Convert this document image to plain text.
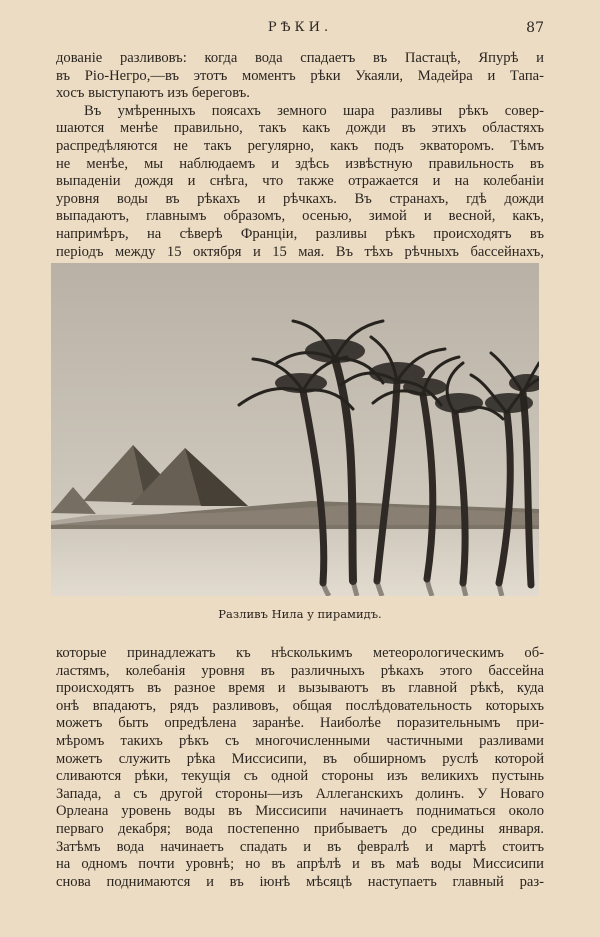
РѢКИ.	87
дованіе разливовъ: когда вода спадаетъ въ Пастацѣ, Япурѣ и
въ Ріо-Негро,—въ этотъ моментъ рѣки Укаяли, Мадейра и Тапа-
хосъ выступаютъ изъ береговъ.
Въ умѣренныхъ поясахъ земного шара разливы рѣкъ совер-
шаются менѣе правильно, такъ какъ дожди въ этихъ областяхъ
распредѣляются не такъ регулярно, какъ подъ экваторомъ. Тѣмъ
не менѣе, мы наблюдаемъ и здѣсь извѣстную правильность въ
выпаденіи дождя и снѣга, что также отражается и на колебаніи
уровня воды въ рѣкахъ и рѣчкахъ. Въ странахъ, гдѣ дожди
выпадаютъ, главнымъ образомъ, осенью, зимой и весной, какъ,
напримѣръ, на сѣверѣ Франціи, разливы рѣкъ происходятъ въ
періодъ между 15 октября и 15 мая. Въ тѣхъ рѣчныхъ бассейнахъ,
Разливъ Нила у пирамидъ.
которые принадлежатъ къ нѣсколькимъ метеорологическимъ об-
ластямъ, колебанія уровня въ различныхъ рѣкахъ этого бассейна
происходятъ въ разное время и вызываютъ въ главной рѣкѣ, куда
онѣ впадаютъ, рядъ разливовъ, общая послѣдовательность которыхъ
можетъ быть опредѣлена заранѣе. Наиболѣе поразительнымъ при-
мѣромъ такихъ рѣкъ съ многочисленными частичными разливами
можетъ служить рѣка Миссисипи, въ обширномъ руслѣ которой
сливаются рѣки, текущія съ одной стороны изъ великихъ пустынь
Запада, а съ другой стороны—изъ Аллеганскихъ долинъ. У Новаго
Орлеана уровень воды въ Миссисипи начинаетъ подниматься около
перваго декабря; вода постепенно прибываетъ до средины января.
Затѣмъ вода начинаетъ спадать и въ февралѣ и мартѣ стоитъ
на одномъ почти уровнѣ; но въ апрѣлѣ и въ маѣ воды Миссисипи
снова поднимаются и въ іюнѣ мѣсяцѣ наступаетъ главный раз-
